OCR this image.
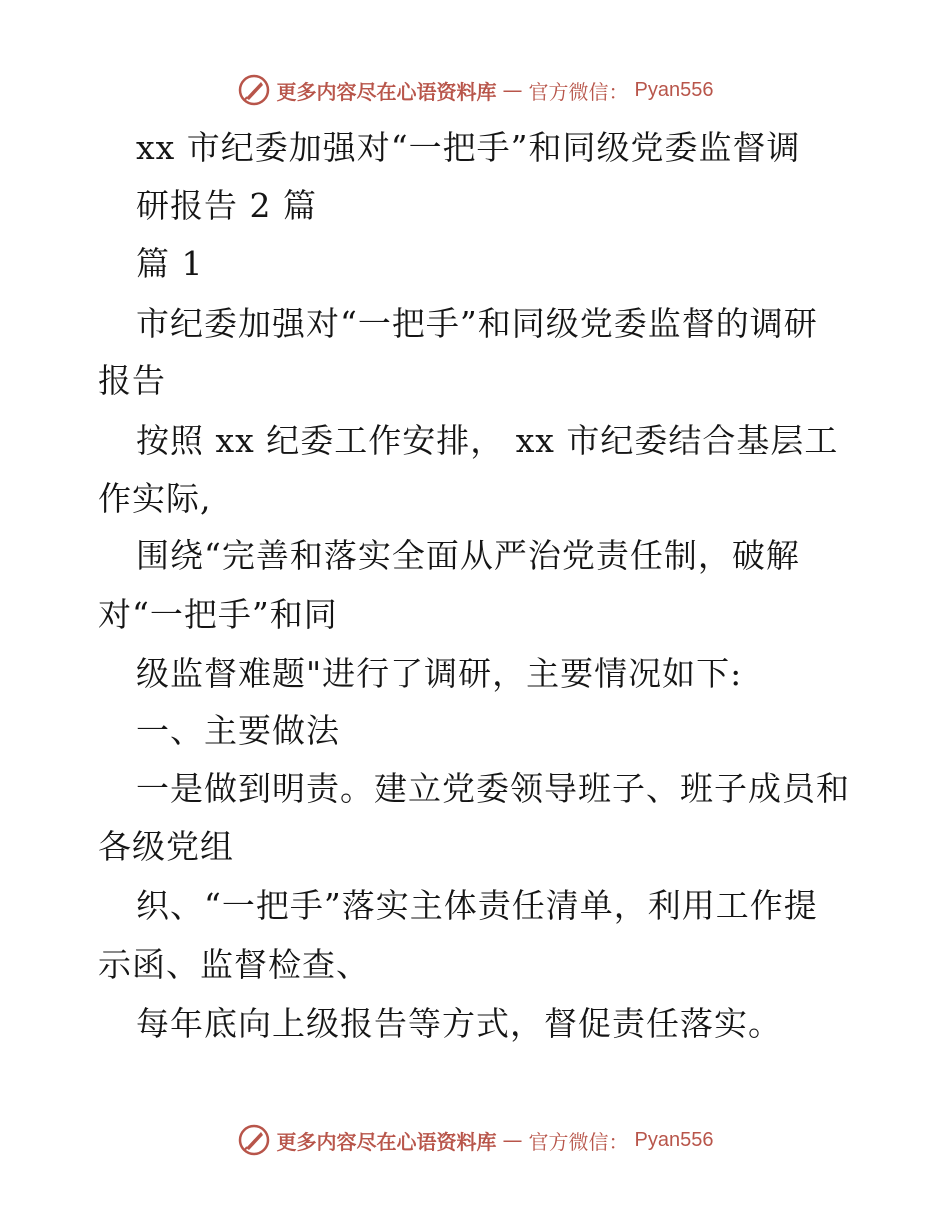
更多内容尽在心语资料库 — 官方微信： Pyan556
xx 市纪委加强对“一把手”和同级党委监督调
研报告 2 篇
篇 1
市纪委加强对“一把手”和同级党委监督的调研
报告
按照 xx 纪委工作安排， xx 市纪委结合基层工
作实际,
围绕“完善和落实全面从严治党责任制，破解
对“一把手”和同
级监督难题"进行了调研，主要情况如下:
一、主要做法
一是做到明责。建立党委领导班子、班子成员和
各级党组
织、“一把手”落实主体责任清单，利用工作提
示函、监督检查、
每年底向上级报告等方式，督促责任落实。
更多内容尽在心语资料库 — 官方微信： Pyan556
